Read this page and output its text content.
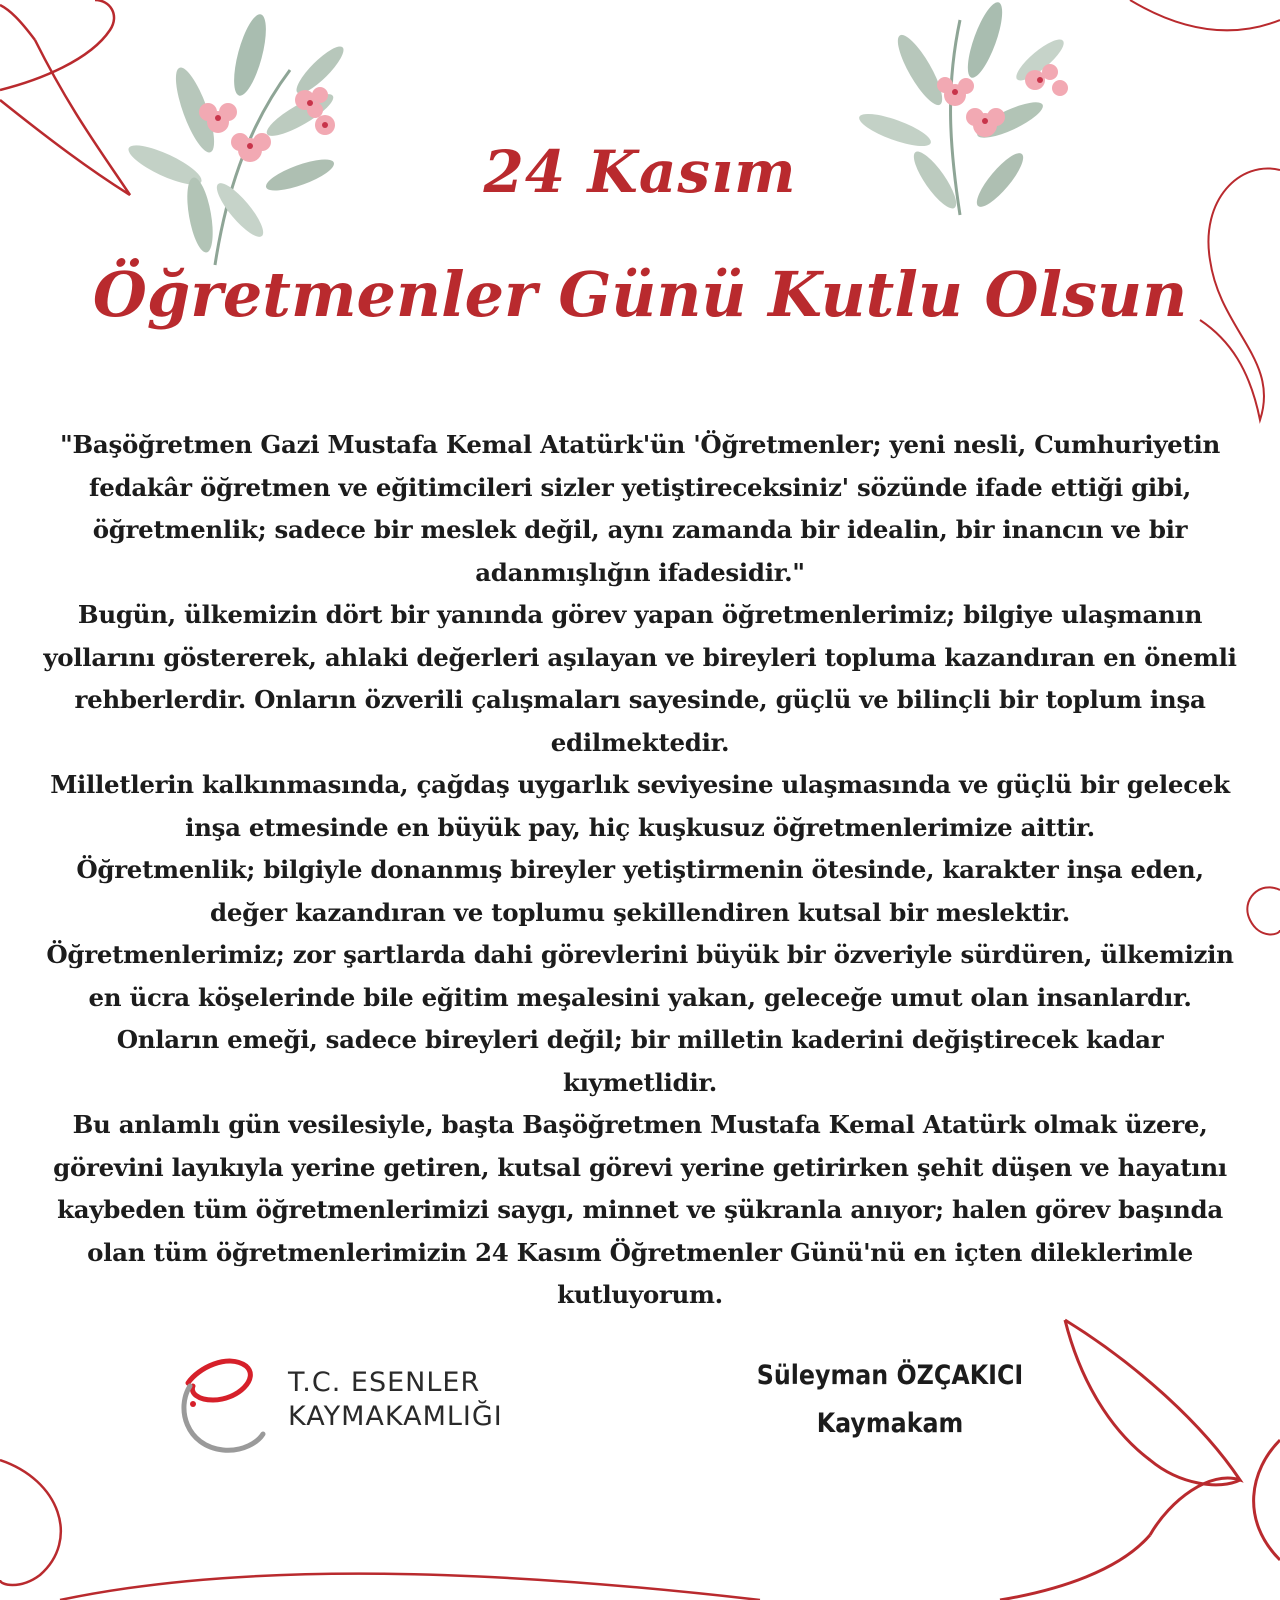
24 Kasım
Öğretmenler Günü Kutlu Olsun

"Başöğretmen Gazi Mustafa Kemal Atatürk'ün 'Öğretmenler; yeni nesli, Cumhuriyetin fedakâr öğretmen ve eğitimcileri sizler yetiştireceksiniz' sözünde ifade ettiği gibi, öğretmenlik; sadece bir meslek değil, aynı zamanda bir idealin, bir inancın ve bir adanmışlığın ifadesidir."

Bugün, ülkemizin dört bir yanında görev yapan öğretmenlerimiz; bilgiye ulaşmanın yollarını göstererek, ahlaki değerleri aşılayan ve bireyleri topluma kazandıran en önemli rehberlerdir. Onların özverili çalışmaları sayesinde, güçlü ve bilinçli bir toplum inşa edilmektedir.

Milletlerin kalkınmasında, çağdaş uygarlık seviyesine ulaşmasında ve güçlü bir gelecek inşa etmesinde en büyük pay, hiç kuşkusuz öğretmenlerimize aittir.

Öğretmenlik; bilgiyle donanmış bireyler yetiştirmenin ötesinde, karakter inşa eden, değer kazandıran ve toplumu şekillendiren kutsal bir meslektir.

Öğretmenlerimiz; zor şartlarda dahi görevlerini büyük bir özveriyle sürdüren, ülkemizin en ücra köşelerinde bile eğitim meşalesini yakan, geleceğe umut olan insanlardır. Onların emeği, sadece bireyleri değil; bir milletin kaderini değiştirecek kadar kıymetlidir.

Bu anlamlı gün vesilesiyle, başta Başöğretmen Mustafa Kemal Atatürk olmak üzere, görevini layıkıyla yerine getiren, kutsal görevi yerine getirirken şehit düşen ve hayatını kaybeden tüm öğretmenlerimizi saygı, minnet ve şükranla anıyor; halen görev başında olan tüm öğretmenlerimizin 24 Kasım Öğretmenler Günü'nü en içten dileklerimle kutluyorum.

T.C. ESENLER
KAYMAKAMLIĞI
Süleyman ÖZÇAKICI
Kaymakam
